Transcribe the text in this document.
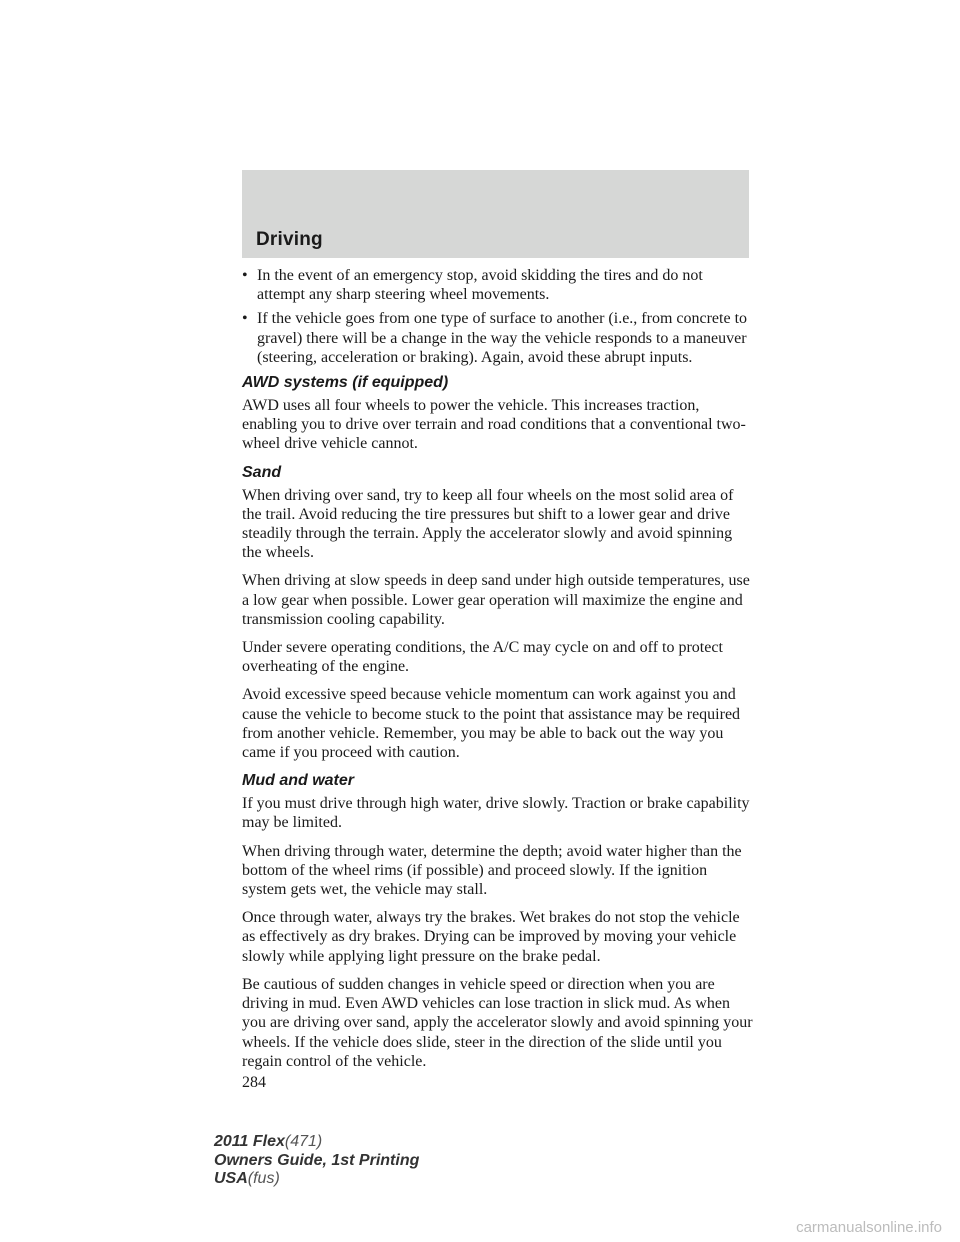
Driving
• In the event of an emergency stop, avoid skidding the tires and do not attempt any sharp steering wheel movements.
• If the vehicle goes from one type of surface to another (i.e., from concrete to gravel) there will be a change in the way the vehicle responds to a maneuver (steering, acceleration or braking). Again, avoid these abrupt inputs.
AWD systems (if equipped)

AWD uses all four wheels to power the vehicle. This increases traction, enabling you to drive over terrain and road conditions that a conventional two-wheel drive vehicle cannot.

Sand

When driving over sand, try to keep all four wheels on the most solid area of the trail. Avoid reducing the tire pressures but shift to a lower gear and drive steadily through the terrain. Apply the accelerator slowly and avoid spinning the wheels.

When driving at slow speeds in deep sand under high outside temperatures, use a low gear when possible. Lower gear operation will maximize the engine and transmission cooling capability.

Under severe operating conditions, the A/C may cycle on and off to protect overheating of the engine.

Avoid excessive speed because vehicle momentum can work against you and cause the vehicle to become stuck to the point that assistance may be required from another vehicle. Remember, you may be able to back out the way you came if you proceed with caution.

Mud and water

If you must drive through high water, drive slowly. Traction or brake capability may be limited.

When driving through water, determine the depth; avoid water higher than the bottom of the wheel rims (if possible) and proceed slowly. If the ignition system gets wet, the vehicle may stall.

Once through water, always try the brakes. Wet brakes do not stop the vehicle as effectively as dry brakes. Drying can be improved by moving your vehicle slowly while applying light pressure on the brake pedal.

Be cautious of sudden changes in vehicle speed or direction when you are driving in mud. Even AWD vehicles can lose traction in slick mud. As when you are driving over sand, apply the accelerator slowly and avoid spinning your wheels. If the vehicle does slide, steer in the direction of the slide until you regain control of the vehicle.

284
2011 Flex(471)
Owners Guide, 1st Printing
USA(fus)
carmanualsonline.info
